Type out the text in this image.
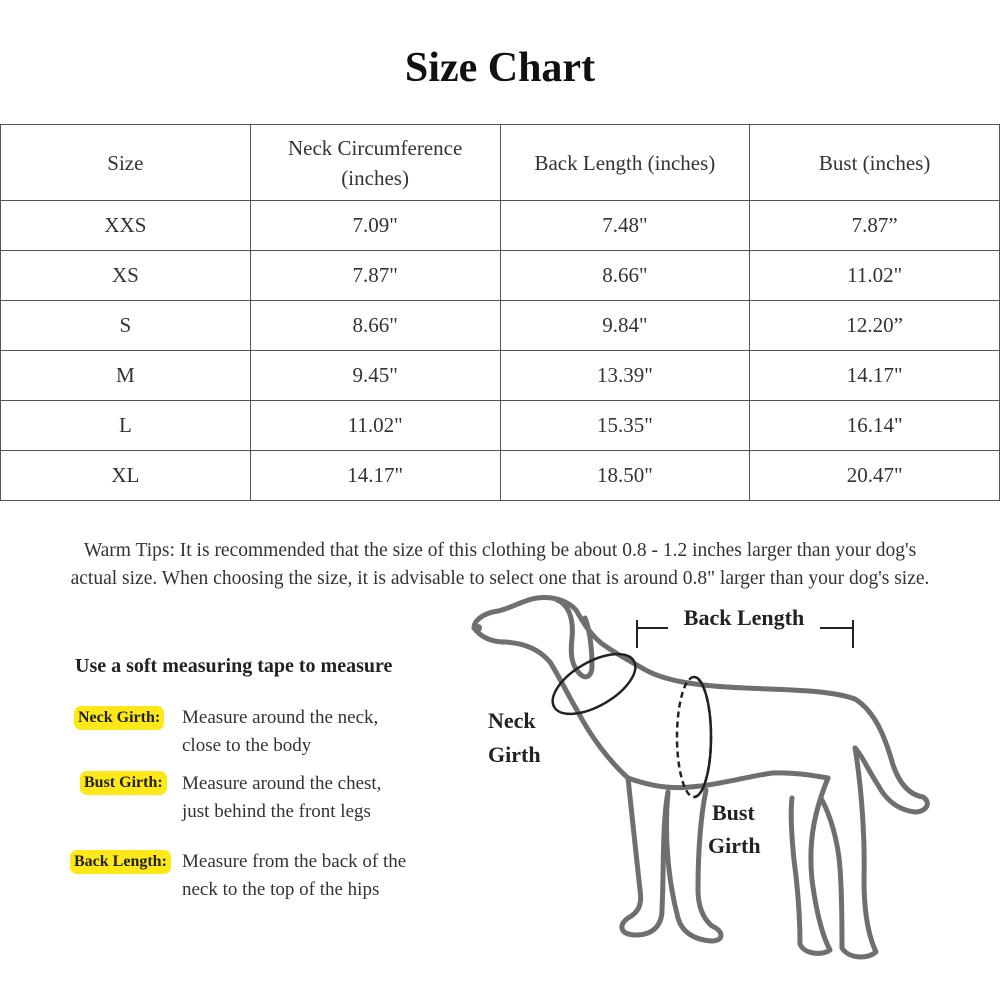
Size Chart
Size	Neck Circumference (inches)	Back Length (inches)	Bust (inches)
XXS	7.09"	7.48"	7.87”
XS	7.87"	8.66"	11.02"
S	8.66"	9.84"	12.20”
M	9.45"	13.39"	14.17"
L	11.02"	15.35"	16.14"
XL	14.17"	18.50"	20.47"
Warm Tips: It is recommended that the size of this clothing be about 0.8 - 1.2 inches larger than your dog's
actual size. When choosing the size, it is advisable to select one that is around 0.8" larger than your dog's size.
Use a soft measuring tape to measure
Neck Girth: Measure around the neck,
close to the body
Bust Girth: Measure around the chest,
just behind the front legs
Back Length: Measure from the back of the
neck to the top of the hips
Back Length
Neck
Girth
Bust
Girth
